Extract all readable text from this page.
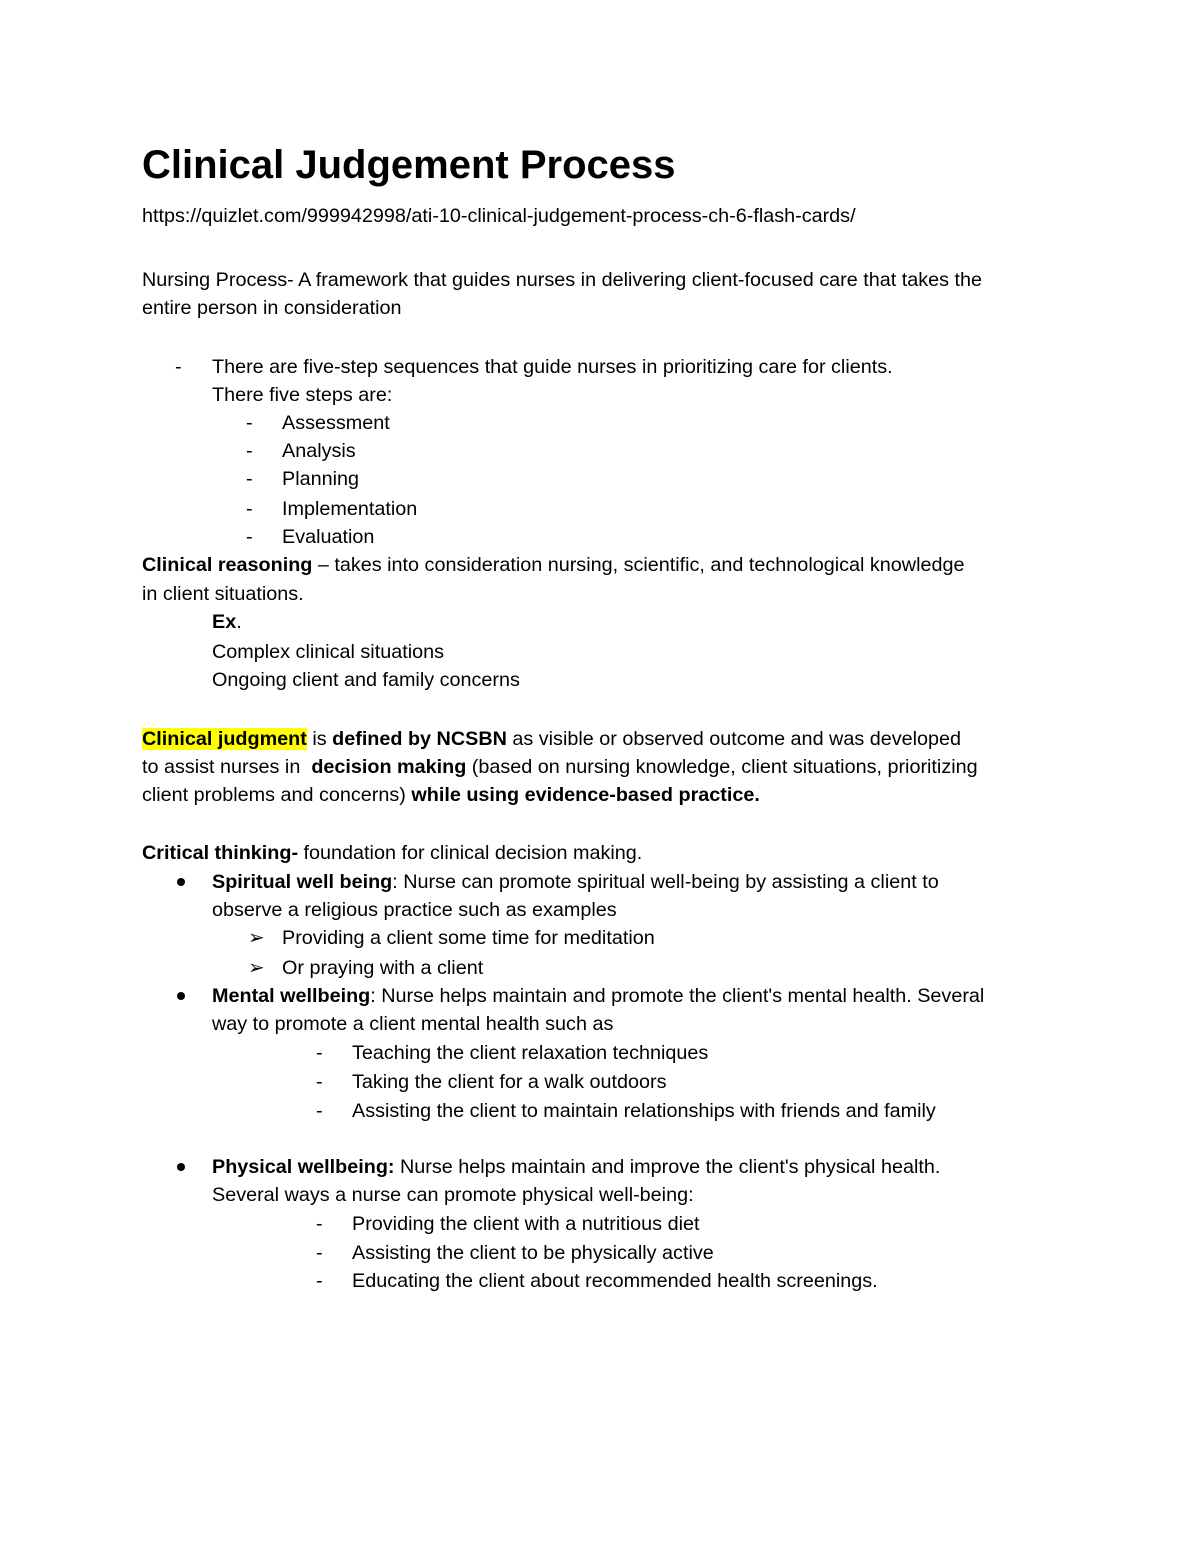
Clinical Judgement Process
https://quizlet.com/999942998/ati-10-clinical-judgement-process-ch-6-flash-cards/
Nursing Process- A framework that guides nurses in delivering client-focused care that takes the
entire person in consideration
- There are five-step sequences that guide nurses in prioritizing care for clients.
There five steps are:
- Assessment
- Analysis
- Planning
- Implementation
- Evaluation
Clinical reasoning – takes into consideration nursing, scientific, and technological knowledge
in client situations.
Ex.
Complex clinical situations
Ongoing client and family concerns
Clinical judgment is defined by NCSBN as visible or observed outcome and was developed
to assist nurses in  decision making (based on nursing knowledge, client situations, prioritizing
client problems and concerns) while using evidence-based practice.
Critical thinking- foundation for clinical decision making.
Spiritual well being: Nurse can promote spiritual well-being by assisting a client to
observe a religious practice such as examples
➢ Providing a client some time for meditation
➢ Or praying with a client
Mental wellbeing: Nurse helps maintain and promote the client's mental health. Several
way to promote a client mental health such as
- Teaching the client relaxation techniques
- Taking the client for a walk outdoors
- Assisting the client to maintain relationships with friends and family
Physical wellbeing: Nurse helps maintain and improve the client's physical health.
Several ways a nurse can promote physical well-being:
- Providing the client with a nutritious diet
- Assisting the client to be physically active
- Educating the client about recommended health screenings.
